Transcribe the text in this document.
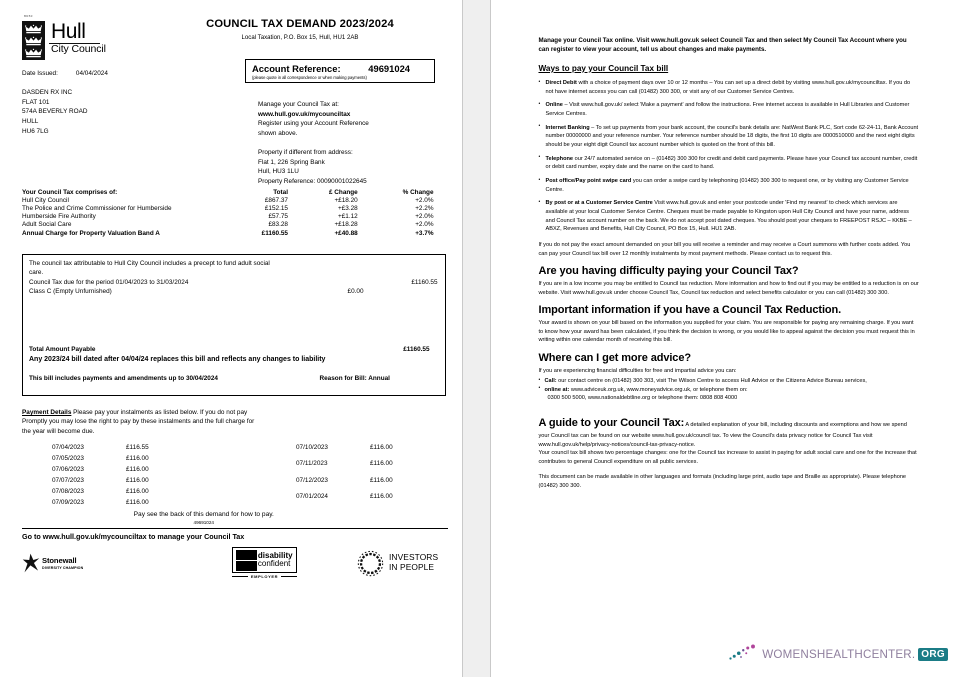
BR83
Hull
City Council
Date Issued:	04/04/2024
DASDEN RX INC
FLAT 101
574A BEVERLY ROAD
HULL
HU6 7LG
COUNCIL TAX DEMAND 2023/2024
Local Taxation, P.O. Box 15, Hull, HU1 2AB
Account Reference:	49691024
(please quote in all correspondence or when making payments)
Manage your Council Tax at:
www.hull.gov.uk/mycounciltax
Register using your Account Reference
shown above.
Property if different from address:
Flat 1, 226 Spring Bank
Hull, HU3 1LU
Property Reference: 00090001022645
Your Council Tax comprises of:	Total	£ Change	% Change
Hull City Council	£867.37	+£18.20	+2.0%
The Police and Crime Commissioner for Humberside	£152.15	+£3.28	+2.2%
Humberside Fire Authority	£57.75	+£1.12	+2.0%
Adult Social Care	£83.28	+£18.28	+2.0%
Annual Charge for Property Valuation Band A	£1160.55	+£40.88	+3.7%
The council tax attributable to Hull City Council includes a precept to fund adult social
care.
Council Tax due for the period 01/04/2023 to 31/03/2024	£1160.55
Class C (Empty Unfurnished)	£0.00
Total Amount Payable	£1160.55
Any 2023/24 bill dated after 04/04/24 replaces this bill and reflects any changes to liability
This bill includes payments and amendments up to 30/04/2024	Reason for Bill: Annual
Payment Details Please pay your instalments as listed below. If you do not pay
Promptly you may lose the right to pay by these instalments and the full charge for
the year will become due.
07/04/2023	£116.55
07/05/2023	£116.00
07/06/2023	£116.00
07/07/2023	£116.00
07/08/2023	£116.00
07/09/2023	£116.00
07/10/2023	£116.00
07/11/2023	£116.00
07/12/2023	£116.00
07/01/2024	£116.00
Pay see the back of this demand for how to pay.
49691024
Go to www.hull.gov.uk/mycounciltax to manage your Council Tax
Stonewall
DIVERSITY CHAMPION
disability
confident
EMPLOYER
INVESTORS
IN PEOPLE
Manage your Council Tax online. Visit www.hull.gov.uk select Council Tax and then select My Council Tax Account where you can register to view your account, tell us about changes and make payments.
Ways to pay your Council Tax bill
• Direct Debit with a choice of payment days over 10 or 12 months – You can set up a direct debit by visiting www.hull.gov.uk/mycounciltax. If you do not have internet access you can call (01482) 300 300, or visit any of our Customer Service Centres.
• Online – Visit www.hull.gov.uk/ select 'Make a payment' and follow the instructions. Free internet access is available in Hull Libraries and Customer Service Centres.
• Internet Banking – To set up payments from your bank account, the council's bank details are: NatWest Bank PLC, Sort code 62-24-11, Bank Account number 00000000 and your reference number. Your reference number should be 18 digits, the first 10 digits are 0000510000 and the next eight digits should be your eight digit Council tax account number which is quoted on the front of this bill.
• Telephone our 24/7 automated service on – (01482) 300 300 for credit and debit card payments. Please have your Council tax account number, credit or debit card number, expiry date and the name on the card to hand.
• Post office/Pay point swipe card you can order a swipe card by telephoning (01482) 300 300 to request one, or by visiting any Customer Service Centre.
• By post or at a Customer Service Centre Visit www.hull.gov.uk and enter your postcode under 'Find my nearest' to check which services are available at your local Customer Service Centre. Cheques must be made payable to Kingston upon Hull City Council and have your name, address and Council Tax account number on the back. We do not accept post dated cheques. You should post your cheques to FREEPOST RSJC – KKBE – ABXZ, Revenues and Benefits, Hull City Council, PO Box 15, Hull. HU1 2AB.
If you do not pay the exact amount demanded on your bill you will receive a reminder and may receive a Court summons with further costs added. You can pay your Council tax bill over 12 monthly instalments by most payment methods. Please contact us to request this.
Are you having difficulty paying your Council Tax?
If you are in a low income you may be entitled to Council tax reduction. More information and how to find out if you may be entitled to a reduction is on our website. Visit www.hull.gov.uk under choose Council Tax, Council tax reduction and select benefits calculator or you can call (01482) 300 300.
Important information if you have a Council Tax Reduction.
Your award is shown on your bill based on the information you supplied for your claim. You are responsible for paying any remaining charge. If you want to know how your award has been calculated, if you think the decision is wrong, or you would like to appeal against the decision you must request this in writing within one calendar month of receiving this bill.
Where can I get more advice?
If you are experiencing financial difficulties for free and impartial advice you can:
• Call: our contact centre on (01482) 300 303, visit The Wilson Centre to access Hull Advice or the Citizens Advice Bureau services,
• online at: www.adviceuk.org.uk, www.moneyadvice.org.uk, or telephone them on:
0300 500 5000, www.nationaldebtline.org or telephone them: 0808 808 4000
A guide to your Council Tax: A detailed explanation of your bill, including discounts and exemptions and how we spend your Council tax can be found on our website www.hull.gov.uk/council tax. To view the Council's data privacy notice for Council Tax visit www.hull.gov.uk/help/privacy-notices/council-tax-privacy-notice.
Your council tax bill shows two percentage changes: one for the Council tax increase to assist in paying for adult social care and one for the increase that contributes to general Council expenditure on all public services.
This document can be made available in other languages and formats (including large print, audio tape and Braille as appropriate). Please telephone (01482) 300 300.
WOMENSHEALTHCENTER. ORG
